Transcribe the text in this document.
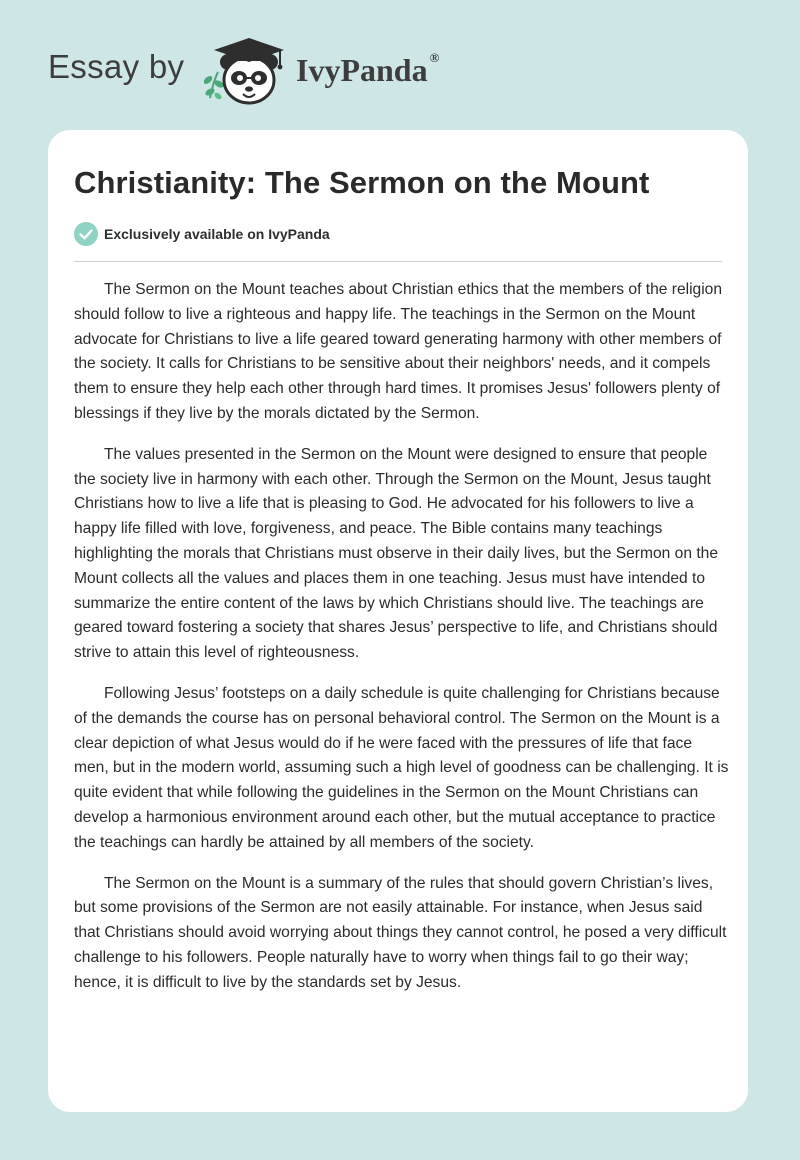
Essay by	IvyPanda ®
Christianity: The Sermon on the Mount
Exclusively available on IvyPanda

The Sermon on the Mount teaches about Christian ethics that the members of the religion should follow to live a righteous and happy life. The teachings in the Sermon on the Mount advocate for Christians to live a life geared toward generating harmony with other members of the society. It calls for Christians to be sensitive about their neighbors' needs, and it compels them to ensure they help each other through hard times. It promises Jesus' followers plenty of blessings if they live by the morals dictated by the Sermon.

The values presented in the Sermon on the Mount were designed to ensure that people the society live in harmony with each other. Through the Sermon on the Mount, Jesus taught Christians how to live a life that is pleasing to God. He advocated for his followers to live a happy life filled with love, forgiveness, and peace. The Bible contains many teachings highlighting the morals that Christians must observe in their daily lives, but the Sermon on the Mount collects all the values and places them in one teaching. Jesus must have intended to summarize the entire content of the laws by which Christians should live. The teachings are geared toward fostering a society that shares Jesus’ perspective to life, and Christians should strive to attain this level of righteousness.

Following Jesus’ footsteps on a daily schedule is quite challenging for Christians because of the demands the course has on personal behavioral control. The Sermon on the Mount is a clear depiction of what Jesus would do if he were faced with the pressures of life that face men, but in the modern world, assuming such a high level of goodness can be challenging. It is quite evident that while following the guidelines in the Sermon on the Mount Christians can develop a harmonious environment around each other, but the mutual acceptance to practice the teachings can hardly be attained by all members of the society.

The Sermon on the Mount is a summary of the rules that should govern Christian’s lives, but some provisions of the Sermon are not easily attainable. For instance, when Jesus said that Christians should avoid worrying about things they cannot control, he posed a very difficult challenge to his followers. People naturally have to worry when things fail to go their way; hence, it is difficult to live by the standards set by Jesus.
